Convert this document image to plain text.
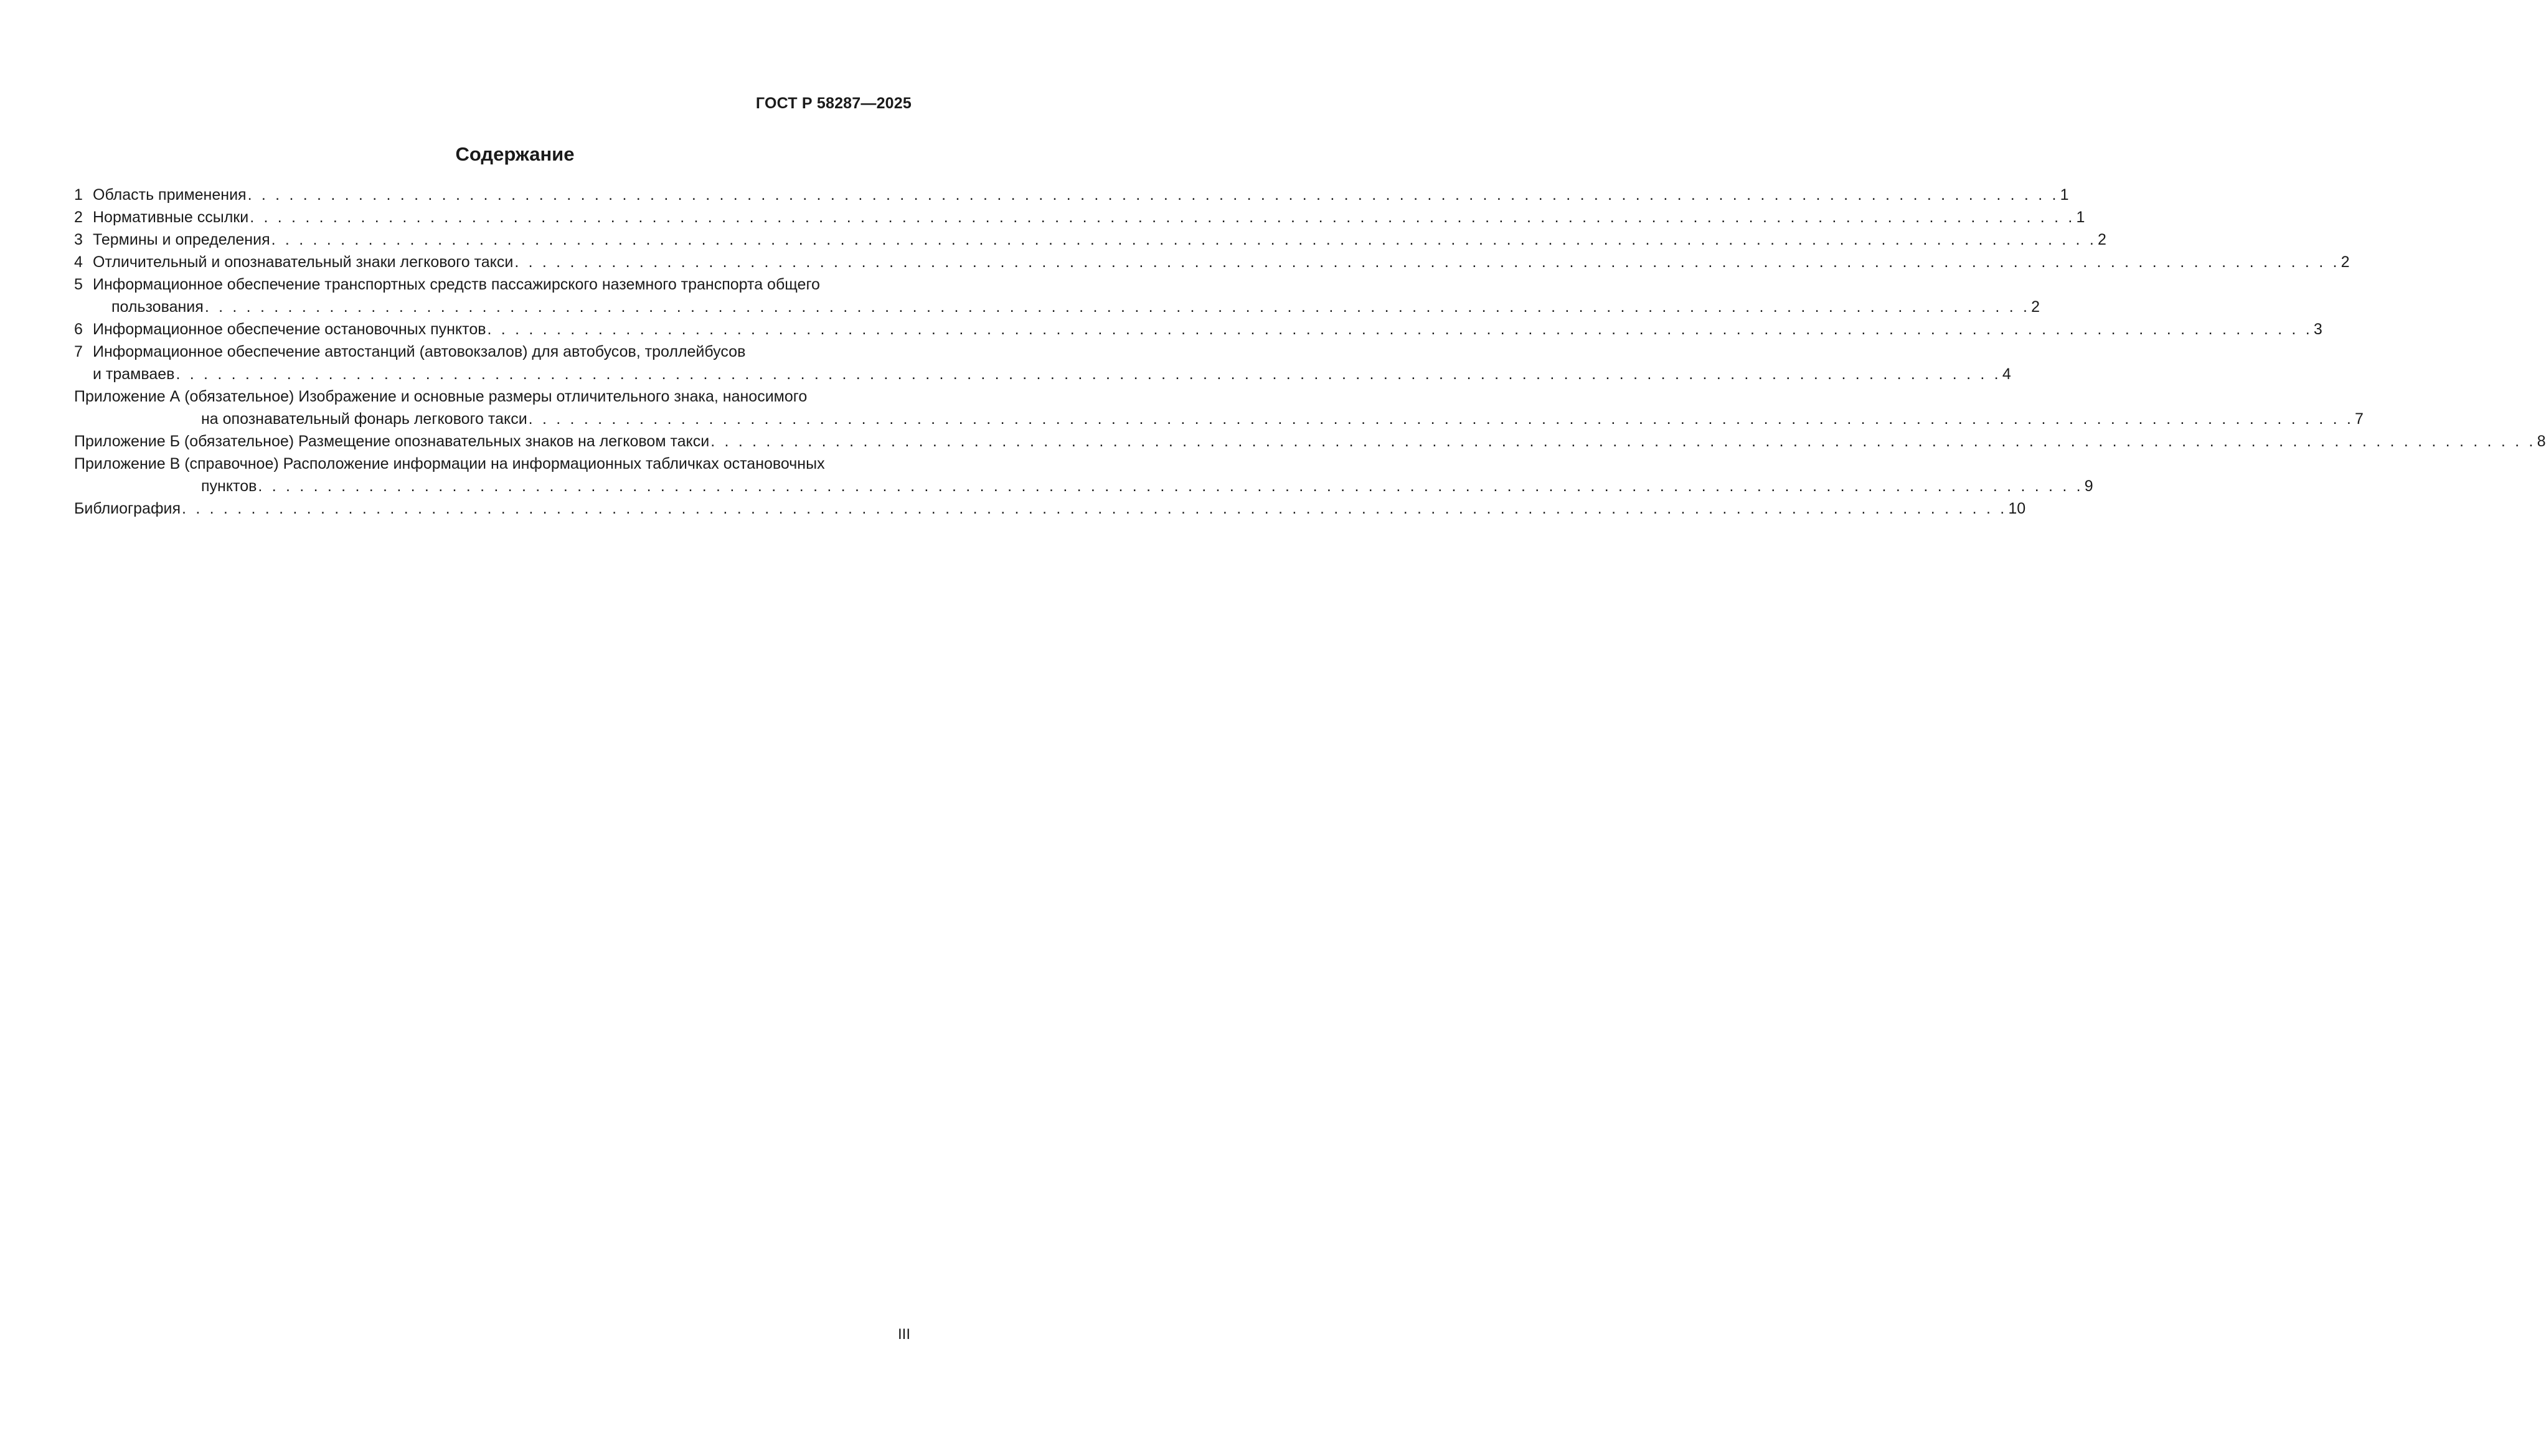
ГОСТ Р 58287—2025
Содержание
1 Область применения . . . . . . . . . . . . . . . . . . . . . . . . . . . . . . . . . . . . . . . . . . . . . . . . . . . . . . . . . . . . . . . . . . . . . . . . . . . . . . . . . . . . . . . . . . . . . . . . . . . . . . . . . . . . . . . . . . . . . . . . . . . . . . . . . . . 1
2 Нормативные ссылки . . . . . . . . . . . . . . . . . . . . . . . . . . . . . . . . . . . . . . . . . . . . . . . . . . . . . . . . . . . . . . . . . . . . . . . . . . . . . . . . . . . . . . . . . . . . . . . . . . . . . . . . . . . . . . . . . . . . . . . . . . . . . . . . . . . . 1
3 Термины и определения . . . . . . . . . . . . . . . . . . . . . . . . . . . . . . . . . . . . . . . . . . . . . . . . . . . . . . . . . . . . . . . . . . . . . . . . . . . . . . . . . . . . . . . . . . . . . . . . . . . . . . . . . . . . . . . . . . . . . . . . . . . . . . . . . . . . 2
4 Отличительный и опознавательный знаки легкового такси . . . . . . . . . . . . . . . . . . . . . . . . . . . . . . . . . . . . . . . . . . . . . . . . . . . . . . . . . . . . . . . . . . . . . . . . . . . . . . . . . . . . . . . . . . . . . . . . . . . . . . . . . . . . . . . . . . . . . . . . . . . . . . . . . . . . 2
5 Информационное обеспечение транспортных средств пассажирского наземного транспорта общего
пользования . . . . . . . . . . . . . . . . . . . . . . . . . . . . . . . . . . . . . . . . . . . . . . . . . . . . . . . . . . . . . . . . . . . . . . . . . . . . . . . . . . . . . . . . . . . . . . . . . . . . . . . . . . . . . . . . . . . . . . . . . . . . . . . . . . . . 2
6 Информационное обеспечение остановочных пунктов . . . . . . . . . . . . . . . . . . . . . . . . . . . . . . . . . . . . . . . . . . . . . . . . . . . . . . . . . . . . . . . . . . . . . . . . . . . . . . . . . . . . . . . . . . . . . . . . . . . . . . . . . . . . . . . . . . . . . . . . . . . . . . . . . . . . 3
7 Информационное обеспечение автостанций (автовокзалов) для автобусов, троллейбусов
и трамваев . . . . . . . . . . . . . . . . . . . . . . . . . . . . . . . . . . . . . . . . . . . . . . . . . . . . . . . . . . . . . . . . . . . . . . . . . . . . . . . . . . . . . . . . . . . . . . . . . . . . . . . . . . . . . . . . . . . . . . . . . . . . . . . . . . . . 4
Приложение А (обязательное) Изображение и основные размеры отличительного знака, наносимого
на опознавательный фонарь легкового такси . . . . . . . . . . . . . . . . . . . . . . . . . . . . . . . . . . . . . . . . . . . . . . . . . . . . . . . . . . . . . . . . . . . . . . . . . . . . . . . . . . . . . . . . . . . . . . . . . . . . . . . . . . . . . . . . . . . . . . . . . . . . . . . . . . . . 7
Приложение Б (обязательное) Размещение опознавательных знаков на легковом такси . . . . . . . . . . . . . . . . . . . . . . . . . . . . . . . . . . . . . . . . . . . . . . . . . . . . . . . . . . . . . . . . . . . . . . . . . . . . . . . . . . . . . . . . . . . . . . . . . . . . . . . . . . . . . . . . . . . . . . . . . . . . . . . . . . . . 8
Приложение В (справочное) Расположение информации на информационных табличках остановочных
пунктов . . . . . . . . . . . . . . . . . . . . . . . . . . . . . . . . . . . . . . . . . . . . . . . . . . . . . . . . . . . . . . . . . . . . . . . . . . . . . . . . . . . . . . . . . . . . . . . . . . . . . . . . . . . . . . . . . . . . . . . . . . . . . . . . . . . . 9
Библиография . . . . . . . . . . . . . . . . . . . . . . . . . . . . . . . . . . . . . . . . . . . . . . . . . . . . . . . . . . . . . . . . . . . . . . . . . . . . . . . . . . . . . . . . . . . . . . . . . . . . . . . . . . . . . . . . . . . . . . . . . . . . . . . . . . . . 10
III
